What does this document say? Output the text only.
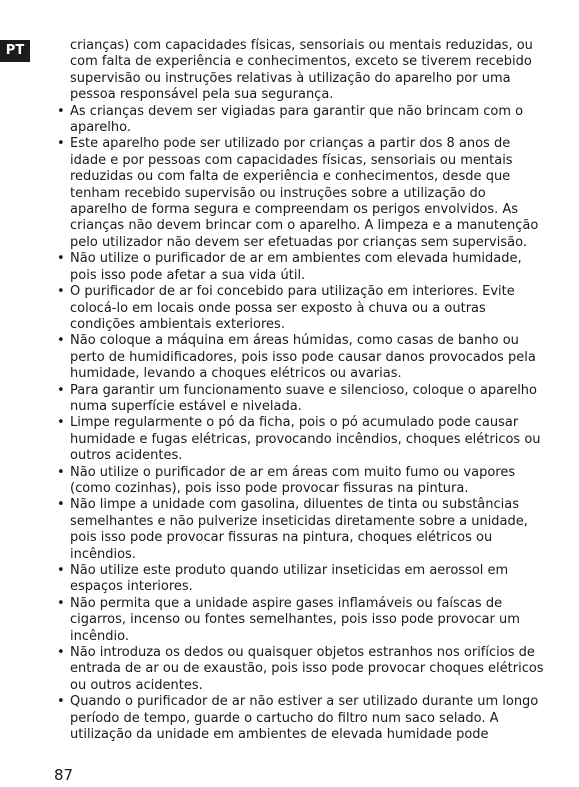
PT	crianças) com capacidades físicas, sensoriais ou mentais reduzidas, ou com falta de experiência e conhecimentos, exceto se tiverem recebido supervisão ou instruções relativas à utilização do aparelho por uma pessoa responsável pela sua segurança.

• As crianças devem ser vigiadas para garantir que não brincam com o aparelho.
• Este aparelho pode ser utilizado por crianças a partir dos 8 anos de idade e por pessoas com capacidades físicas, sensoriais ou mentais reduzidas ou com falta de experiência e conhecimentos, desde que tenham recebido supervisão ou instruções sobre a utilização do aparelho de forma segura e compreendam os perigos envolvidos. As crianças não devem brincar com o aparelho. A limpeza e a manutenção pelo utilizador não devem ser efetuadas por crianças sem supervisão.
• Não utilize o purificador de ar em ambientes com elevada humidade, pois isso pode afetar a sua vida útil.
• O purificador de ar foi concebido para utilização em interiores. Evite colocá-lo em locais onde possa ser exposto à chuva ou a outras condições ambientais exteriores.
• Não coloque a máquina em áreas húmidas, como casas de banho ou perto de humidificadores, pois isso pode causar danos provocados pela humidade, levando a choques elétricos ou avarias.
• Para garantir um funcionamento suave e silencioso, coloque o aparelho numa superfície estável e nivelada.
• Limpe regularmente o pó da ficha, pois o pó acumulado pode causar humidade e fugas elétricas, provocando incêndios, choques elétricos ou outros acidentes.
• Não utilize o purificador de ar em áreas com muito fumo ou vapores (como cozinhas), pois isso pode provocar fissuras na pintura.
• Não limpe a unidade com gasolina, diluentes de tinta ou substâncias semelhantes e não pulverize inseticidas diretamente sobre a unidade, pois isso pode provocar fissuras na pintura, choques elétricos ou incêndios.
• Não utilize este produto quando utilizar inseticidas em aerossol em espaços interiores.
• Não permita que a unidade aspire gases inflamáveis ou faíscas de cigarros, incenso ou fontes semelhantes, pois isso pode provocar um incêndio.
• Não introduza os dedos ou quaisquer objetos estranhos nos orifícios de entrada de ar ou de exaustão, pois isso pode provocar choques elétricos ou outros acidentes.
• Quando o purificador de ar não estiver a ser utilizado durante um longo período de tempo, guarde o cartucho do filtro num saco selado. A utilização da unidade em ambientes de elevada humidade pode
87
